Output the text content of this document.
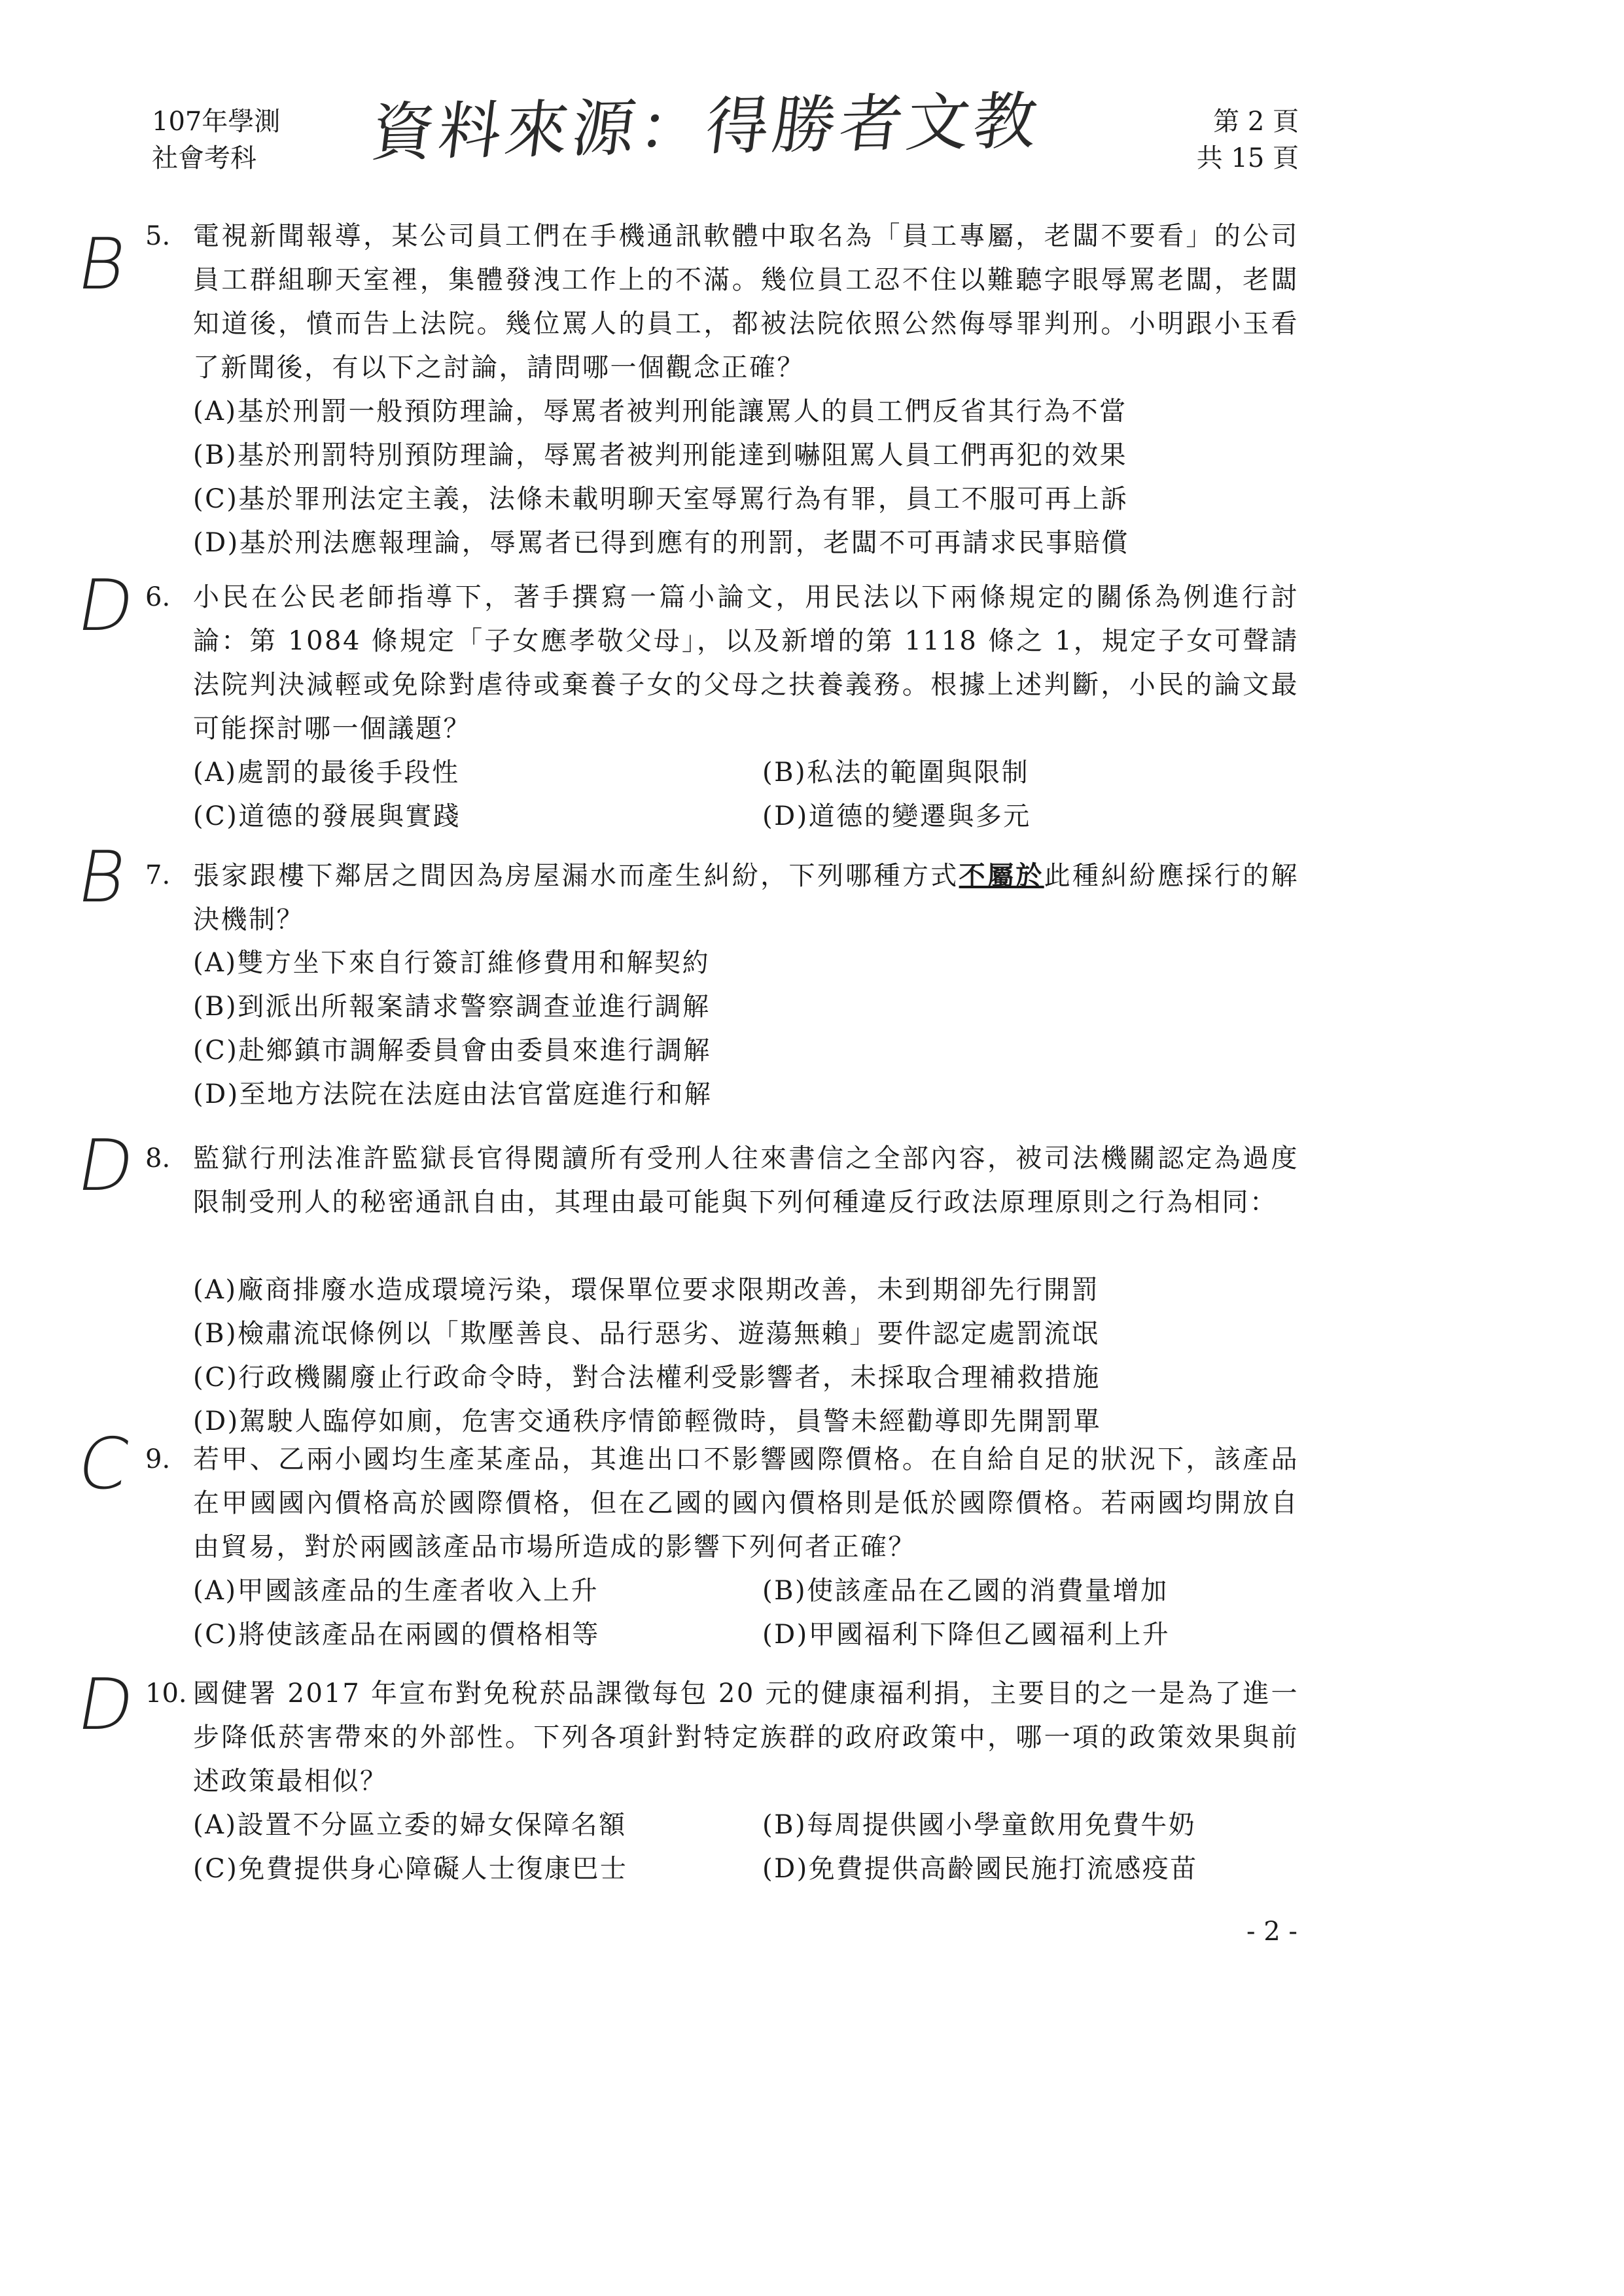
107年學測
社會考科	資料來源：得勝者文教	第 2 頁
共 15 頁
B 5. 電視新聞報導，某公司員工們在手機通訊軟體中取名為「員工專屬，老闆不要看」的公司員工群組聊天室裡，集體發洩工作上的不滿。幾位員工忍不住以難聽字眼辱罵老闆，老闆知道後，憤而告上法院。幾位罵人的員工，都被法院依照公然侮辱罪判刑。小明跟小玉看了新聞後，有以下之討論，請問哪一個觀念正確？
(A)基於刑罰一般預防理論，辱罵者被判刑能讓罵人的員工們反省其行為不當
(B)基於刑罰特別預防理論，辱罵者被判刑能達到嚇阻罵人員工們再犯的效果
(C)基於罪刑法定主義，法條未載明聊天室辱罵行為有罪，員工不服可再上訴
(D)基於刑法應報理論，辱罵者已得到應有的刑罰，老闆不可再請求民事賠償
D 6. 小民在公民老師指導下，著手撰寫一篇小論文，用民法以下兩條規定的關係為例進行討論：第 1084 條規定「子女應孝敬父母」，以及新增的第 1118 條之 1，規定子女可聲請法院判決減輕或免除對虐待或棄養子女的父母之扶養義務。根據上述判斷，小民的論文最可能探討哪一個議題？
(A)處罰的最後手段性	(B)私法的範圍與限制
(C)道德的發展與實踐	(D)道德的變遷與多元
B 7. 張家跟樓下鄰居之間因為房屋漏水而產生糾紛，下列哪種方式不屬於此種糾紛應採行的解決機制？
(A)雙方坐下來自行簽訂維修費用和解契約
(B)到派出所報案請求警察調查並進行調解
(C)赴鄉鎮市調解委員會由委員來進行調解
(D)至地方法院在法庭由法官當庭進行和解
D 8. 監獄行刑法准許監獄長官得閱讀所有受刑人往來書信之全部內容，被司法機關認定為過度限制受刑人的秘密通訊自由，其理由最可能與下列何種違反行政法原理原則之行為相同：
(A)廠商排廢水造成環境污染，環保單位要求限期改善，未到期卻先行開罰
(B)檢肅流氓條例以「欺壓善良、品行惡劣、遊蕩無賴」要件認定處罰流氓
(C)行政機關廢止行政命令時，對合法權利受影響者，未採取合理補救措施
(D)駕駛人臨停如廁，危害交通秩序情節輕微時，員警未經勸導即先開罰單
C 9. 若甲、乙兩小國均生產某產品，其進出口不影響國際價格。在自給自足的狀況下，該產品在甲國國內價格高於國際價格，但在乙國的國內價格則是低於國際價格。若兩國均開放自由貿易，對於兩國該產品市場所造成的影響下列何者正確？
(A)甲國該產品的生產者收入上升	(B)使該產品在乙國的消費量增加
(C)將使該產品在兩國的價格相等	(D)甲國福利下降但乙國福利上升
D 10. 國健署 2017 年宣布對免稅菸品課徵每包 20 元的健康福利捐，主要目的之一是為了進一步降低菸害帶來的外部性。下列各項針對特定族群的政府政策中，哪一項的政策效果與前述政策最相似？
(A)設置不分區立委的婦女保障名額	(B)每周提供國小學童飲用免費牛奶
(C)免費提供身心障礙人士復康巴士	(D)免費提供高齡國民施打流感疫苗
- 2 -
